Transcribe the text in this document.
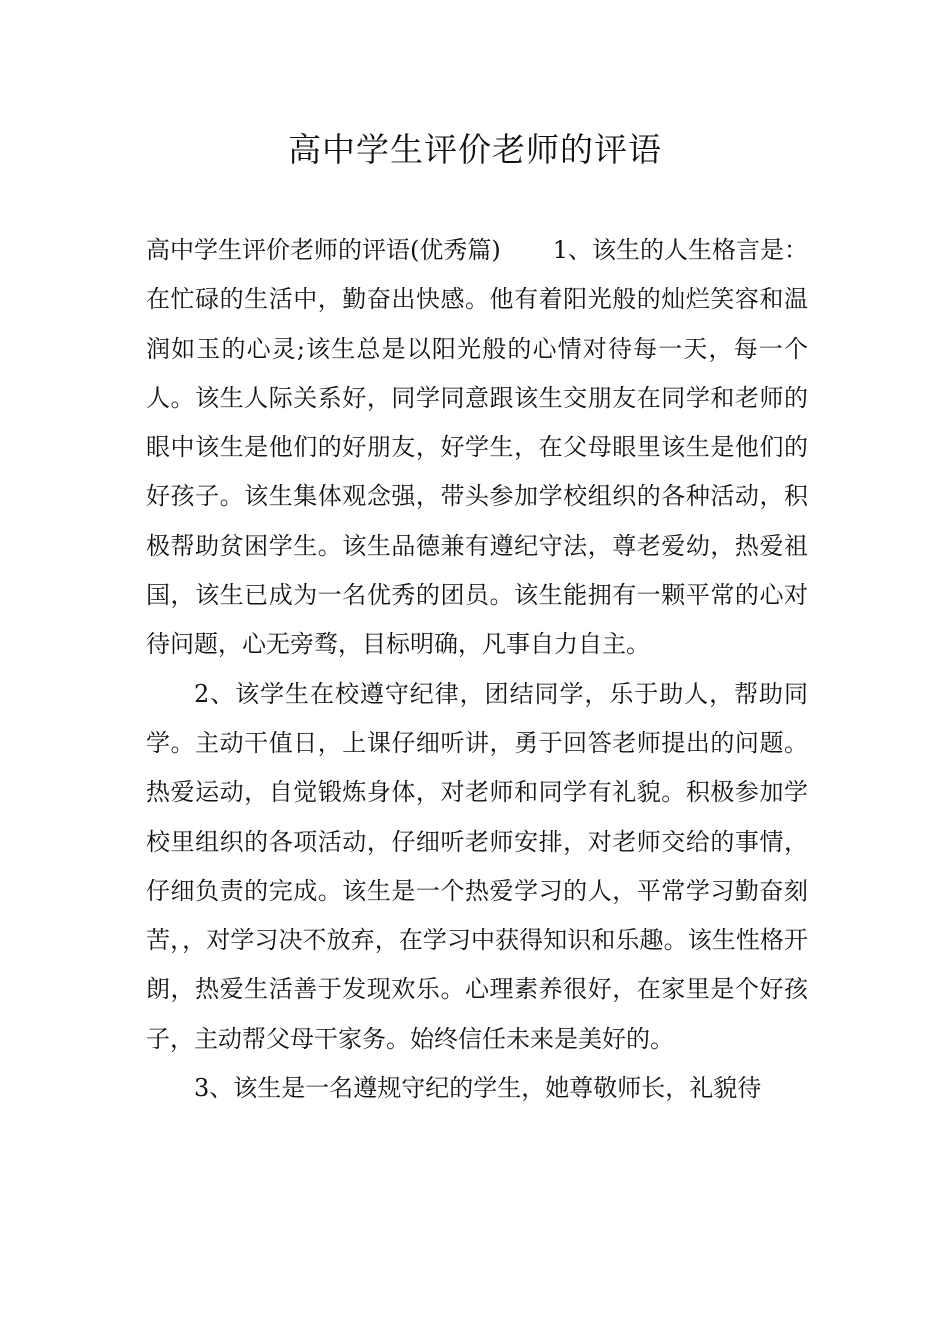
高中学生评价老师的评语

高中学生评价老师的评语(优秀篇) 1、该生的人生格言是：在忙碌的生活中，勤奋出快感。他有着阳光般的灿烂笑容和温润如玉的心灵;该生总是以阳光般的心情对待每一天，每一个人。该生人际关系好，同学同意跟该生交朋友在同学和老师的眼中该生是他们的好朋友，好学生，在父母眼里该生是他们的好孩子。该生集体观念强，带头参加学校组织的各种活动，积极帮助贫困学生。该生品德兼有遵纪守法，尊老爱幼，热爱祖国，该生已成为一名优秀的团员。该生能拥有一颗平常的心对待问题，心无旁骛，目标明确，凡事自力自主。

2、该学生在校遵守纪律，团结同学，乐于助人，帮助同学。主动干值日，上课仔细听讲，勇于回答老师提出的问题。热爱运动，自觉锻炼身体，对老师和同学有礼貌。积极参加学校里组织的各项活动，仔细听老师安排，对老师交给的事情，仔细负责的完成。该生是一个热爱学习的人，平常学习勤奋刻苦，，对学习决不放弃，在学习中获得知识和乐趣。该生性格开朗，热爱生活善于发现欢乐。心理素养很好，在家里是个好孩子，主动帮父母干家务。始终信任未来是美好的。

3、该生是一名遵规守纪的学生，她尊敬师长，礼貌待
